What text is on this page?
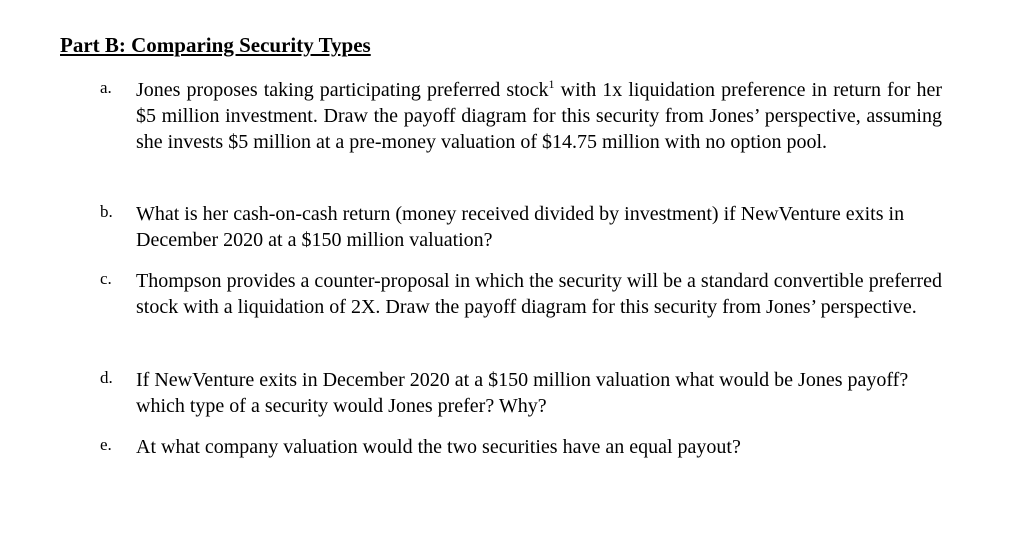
Part B: Comparing Security Types
a.	Jones proposes taking participating preferred stock$^1$ with 1x liquidation preference in return for her $5 million investment. Draw the payoff diagram for this security from Jones’ perspective, assuming she invests $5 million at a pre-money valuation of $14.75 million with no option pool.

b.	What is her cash-on-cash return (money received divided by investment) if NewVenture exits in December 2020 at a $150 million valuation?

c.	Thompson provides a counter-proposal in which the security will be a standard convertible preferred stock with a liquidation of 2X. Draw the payoff diagram for this security from Jones’ perspective.

d.	If NewVenture exits in December 2020 at a $150 million valuation what would be Jones payoff? which type of a security would Jones prefer? Why?

e.	At what company valuation would the two securities have an equal payout?
